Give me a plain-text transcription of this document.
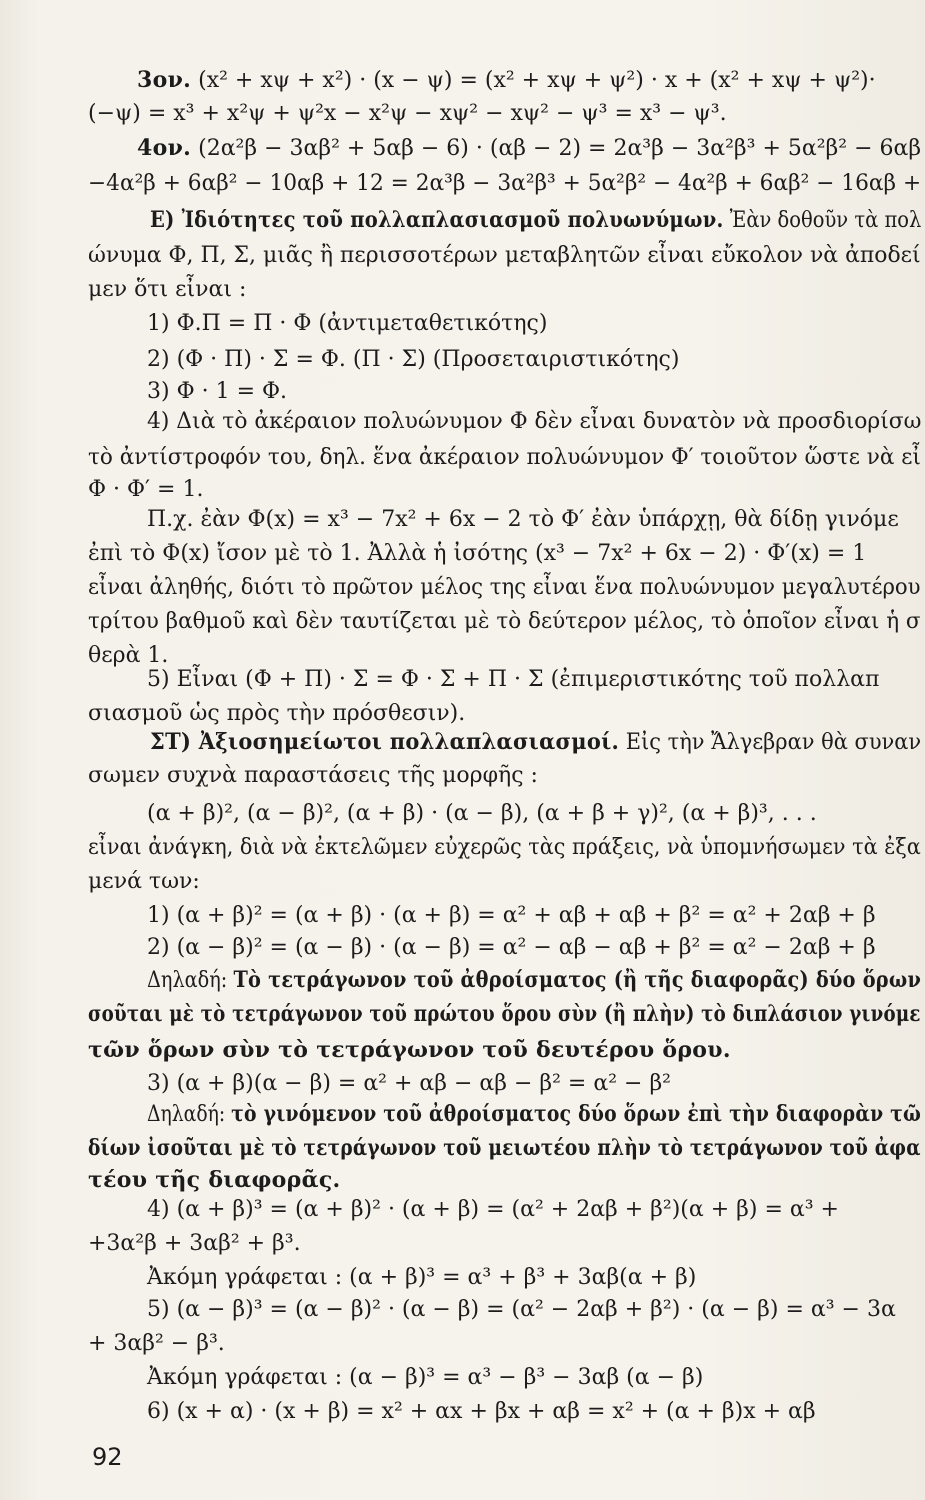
3ον. (x² + xψ + x²) · (x − ψ) = (x² + xψ + ψ²) · x + (x² + xψ + ψ²)·
(−ψ) = x³ + x²ψ + ψ²x − x²ψ − xψ² − xψ² − ψ³ = x³ − ψ³.
4ον. (2α²β − 3αβ² + 5αβ − 6) · (αβ − 2) = 2α³β − 3α²β³ + 5α²β² − 6αβ
−4α²β + 6αβ² − 10αβ + 12 = 2α³β − 3α²β³ + 5α²β² − 4α²β + 6αβ² − 16αβ +
Ε) Ἰδιότητες τοῦ πολλαπλασιασμοῦ πολυωνύμων. Ἐὰν δοθοῦν τὰ πολ
ώνυμα Φ, Π, Σ, μιᾶς ἢ περισσοτέρων μεταβλητῶν εἶναι εὔκολον νὰ ἀποδεί
μεν ὅτι εἶναι :
1) Φ.Π = Π · Φ (ἀντιμεταθετικότης)
2) (Φ · Π) · Σ = Φ. (Π · Σ) (Προσεταιριστικότης)
3) Φ · 1 = Φ.
4) Διὰ τὸ ἀκέραιον πολυώνυμον Φ δὲν εἶναι δυνατὸν νὰ προσδιορίσω
τὸ ἀντίστροφόν του, δηλ. ἕνα ἀκέραιον πολυώνυμον Φ′ τοιοῦτον ὥστε νὰ εἶ
Φ · Φ′ = 1.
Π.χ. ἐὰν Φ(x) = x³ − 7x² + 6x − 2 τὸ Φ′ ἐὰν ὑπάρχῃ, θὰ δίδῃ γινόμε
ἐπὶ τὸ Φ(x) ἴσον μὲ τὸ 1. Ἀλλὰ ἡ ἰσότης (x³ − 7x² + 6x − 2) · Φ′(x) = 1
εἶναι ἀληθής, διότι τὸ πρῶτον μέλος της εἶναι ἕνα πολυώνυμον μεγαλυτέρου
τρίτου βαθμοῦ καὶ δὲν ταυτίζεται μὲ τὸ δεύτερον μέλος, τὸ ὁποῖον εἶναι ἡ σ
θερὰ 1.
5) Εἶναι (Φ + Π) · Σ = Φ · Σ + Π · Σ (ἐπιμεριστικότης τοῦ πολλαπ
σιασμοῦ ὡς πρὸς τὴν πρόσθεσιν).
ΣΤ) Ἀξιοσημείωτοι πολλαπλασιασμοί. Εἰς τὴν Ἄλγεβραν θὰ συναν
σωμεν συχνὰ παραστάσεις τῆς μορφῆς :
(α + β)², (α − β)², (α + β) · (α − β), (α + β + γ)², (α + β)³, . . .
εἶναι ἀνάγκη, διὰ νὰ ἐκτελῶμεν εὐχερῶς τὰς πράξεις, νὰ ὑπομνήσωμεν τὰ ἐξα
μενά των:
1) (α + β)² = (α + β) · (α + β) = α² + αβ + αβ + β² = α² + 2αβ + β
2) (α − β)² = (α − β) · (α − β) = α² − αβ − αβ + β² = α² − 2αβ + β
Δηλαδή: Τὸ τετράγωνον τοῦ ἀθροίσματος (ἢ τῆς διαφορᾶς) δύο ὅρων
σοῦται μὲ τὸ τετράγωνον τοῦ πρώτου ὅρου σὺν (ἢ πλὴν) τὸ διπλάσιον γινόμε
τῶν ὅρων σὺν τὸ τετράγωνον τοῦ δευτέρου ὅρου.
3) (α + β)(α − β) = α² + αβ − αβ − β² = α² − β²
Δηλαδή: τὸ γινόμενον τοῦ ἀθροίσματος δύο ὅρων ἐπὶ τὴν διαφορὰν τῶ
δίων ἰσοῦται μὲ τὸ τετράγωνον τοῦ μειωτέου πλὴν τὸ τετράγωνον τοῦ ἀφα
τέου τῆς διαφορᾶς.
4) (α + β)³ = (α + β)² · (α + β) = (α² + 2αβ + β²)(α + β) = α³ +
+3α²β + 3αβ² + β³.
Ἀκόμη γράφεται : (α + β)³ = α³ + β³ + 3αβ(α + β)
5) (α − β)³ = (α − β)² · (α − β) = (α² − 2αβ + β²) · (α − β) = α³ − 3α
+ 3αβ² − β³.
Ἀκόμη γράφεται : (α − β)³ = α³ − β³ − 3αβ (α − β)
6) (x + α) · (x + β) = x² + αx + βx + αβ = x² + (α + β)x + αβ
92
